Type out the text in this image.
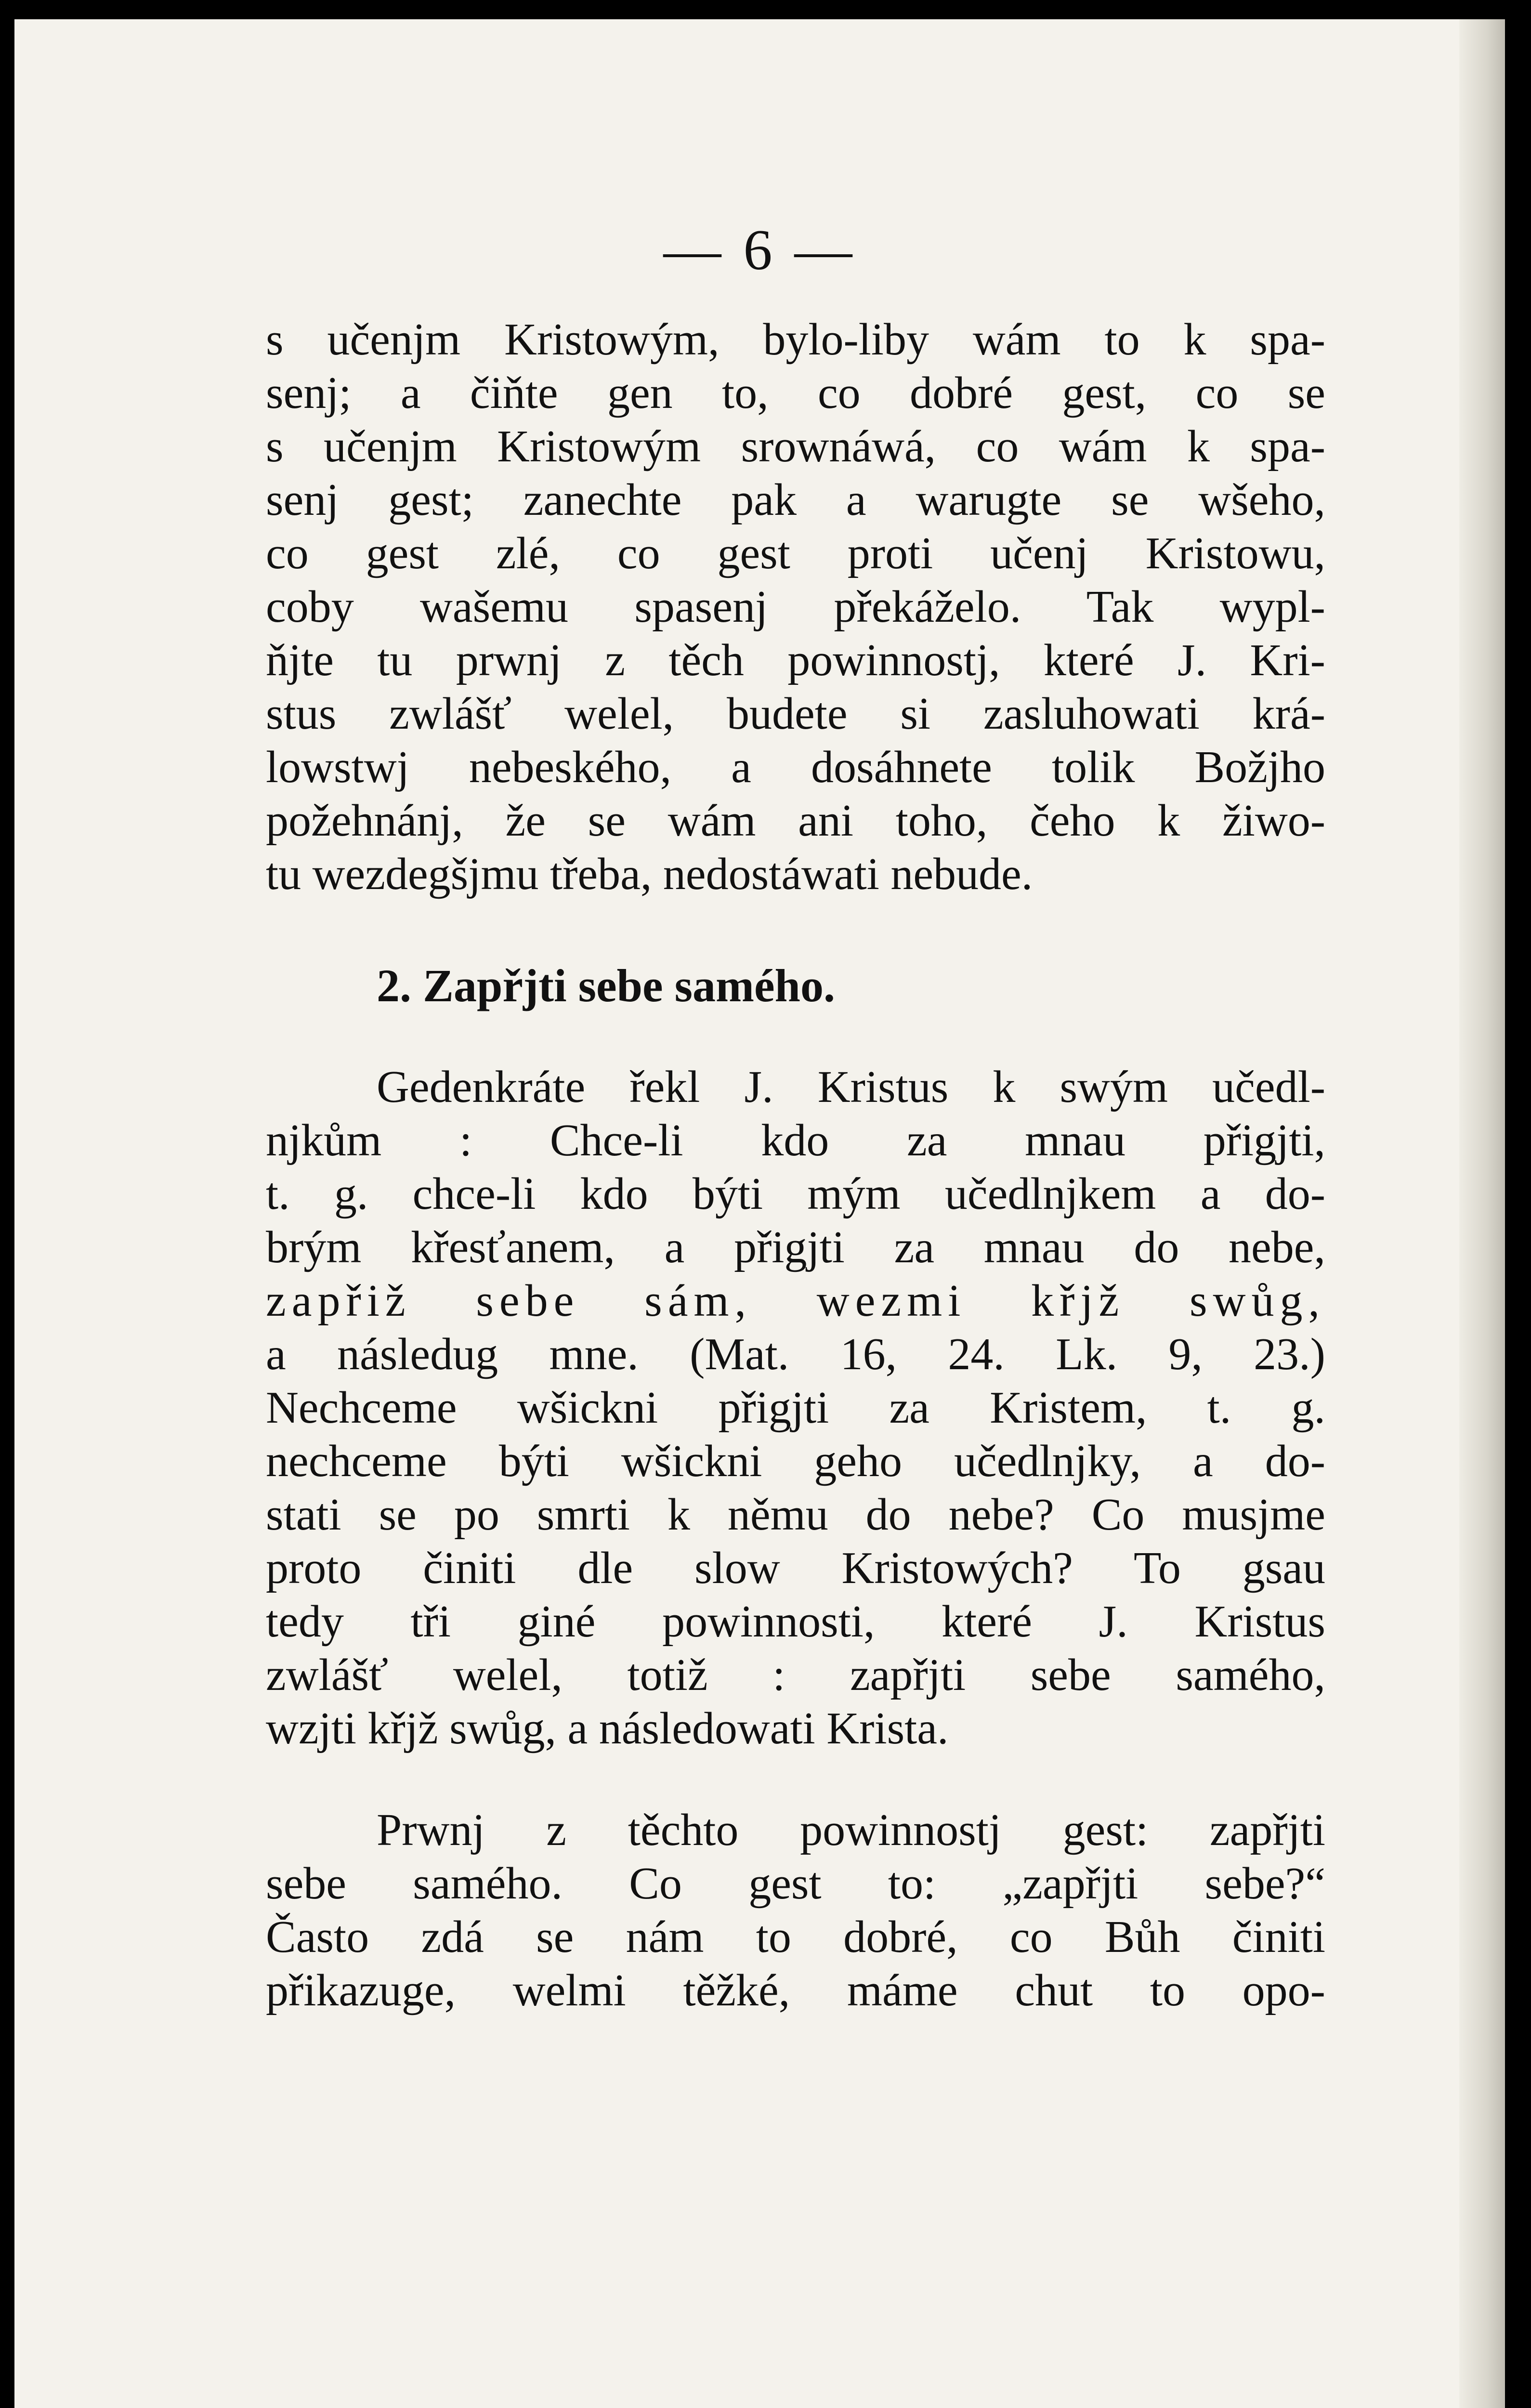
— 6 —
s učenjm Kristowým, bylo-liby wám to k spa-
senj; a čiňte gen to, co dobré gest, co se
s učenjm Kristowým srownáwá, co wám k spa-
senj gest; zanechte pak a warugte se wšeho,
co gest zlé, co gest proti učenj Kristowu,
coby wašemu spasenj překáželo. Tak wypl-
ňjte tu prwnj z těch powinnostj, které J. Kri-
stus zwlášť welel, budete si zasluhowati krá-
lowstwj nebeského, a dosáhnete tolik Božjho
požehnánj, že se wám ani toho, čeho k žiwo-
tu wezdegšjmu třeba, nedostáwati nebude.
2. Zapřjti sebe samého.
Gedenkráte řekl J. Kristus k swým učedl-
njkům : Chce-li kdo za mnau přigjti,
t. g. chce-li kdo býti mým učedlnjkem a do-
brým křesťanem, a přigjti za mnau do nebe,
zapřiž sebe sám, wezmi křjž swůg,
a následug mne. (Mat. 16, 24. Lk. 9, 23.)
Nechceme wšickni přigjti za Kristem, t. g.
nechceme býti wšickni geho učedlnjky, a do-
stati se po smrti k němu do nebe? Co musjme
proto činiti dle slow Kristowých? To gsau
tedy tři giné powinnosti, které J. Kristus
zwlášť welel, totiž : zapřjti sebe samého,
wzjti křjž swůg, a následowati Krista.
Prwnj z těchto powinnostj gest: zapřjti
sebe samého. Co gest to: „zapřjti sebe?“
Často zdá se nám to dobré, co Bůh činiti
přikazuge, welmi těžké, máme chut to opo-
